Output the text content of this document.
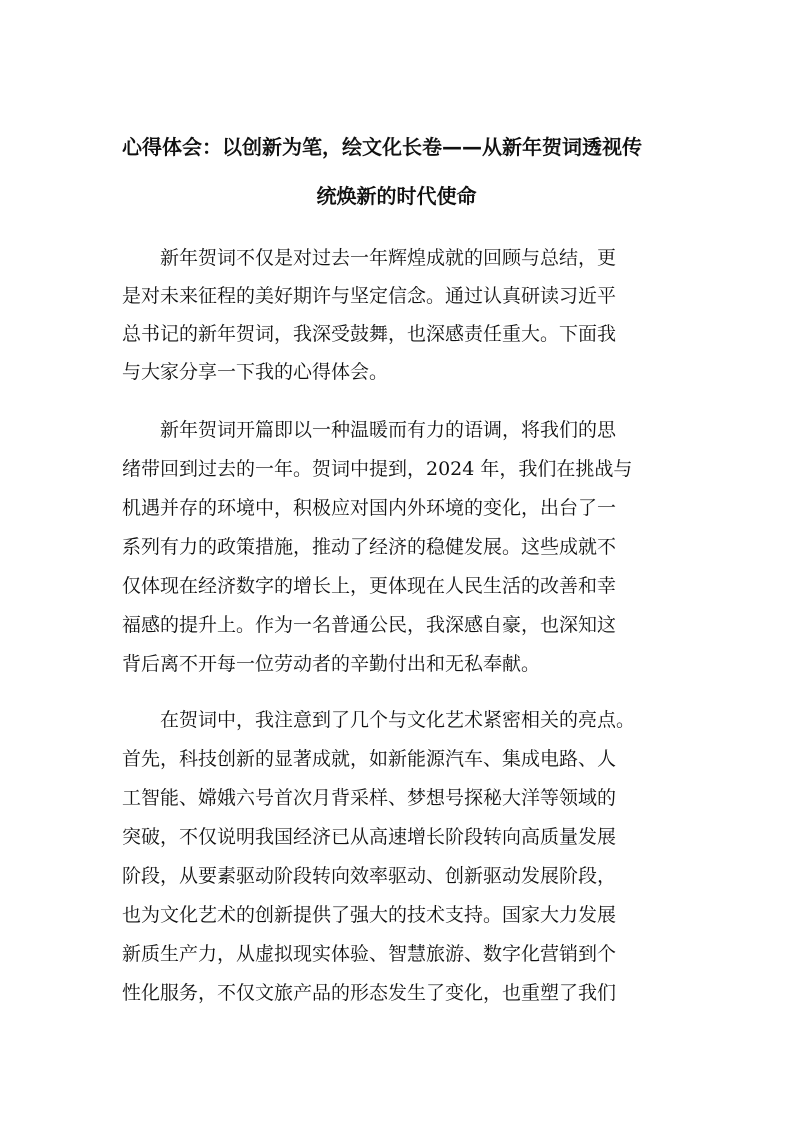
心得体会：以创新为笔，绘文化长卷——从新年贺词透视传
统焕新的时代使命
　　新年贺词不仅是对过去一年辉煌成就的回顾与总结，更
是对未来征程的美好期许与坚定信念。通过认真研读习近平
总书记的新年贺词，我深受鼓舞，也深感责任重大。下面我
与大家分享一下我的心得体会。
　　新年贺词开篇即以一种温暖而有力的语调，将我们的思
绪带回到过去的一年。贺词中提到，2024 年，我们在挑战与
机遇并存的环境中，积极应对国内外环境的变化，出台了一
系列有力的政策措施，推动了经济的稳健发展。这些成就不
仅体现在经济数字的增长上，更体现在人民生活的改善和幸
福感的提升上。作为一名普通公民，我深感自豪，也深知这
背后离不开每一位劳动者的辛勤付出和无私奉献。
　　在贺词中，我注意到了几个与文化艺术紧密相关的亮点。
首先，科技创新的显著成就，如新能源汽车、集成电路、人
工智能、嫦娥六号首次月背采样、梦想号探秘大洋等领域的
突破，不仅说明我国经济已从高速增长阶段转向高质量发展
阶段，从要素驱动阶段转向效率驱动、创新驱动发展阶段，
也为文化艺术的创新提供了强大的技术支持。国家大力发展
新质生产力，从虚拟现实体验、智慧旅游、数字化营销到个
性化服务，不仅文旅产品的形态发生了变化，也重塑了我们
